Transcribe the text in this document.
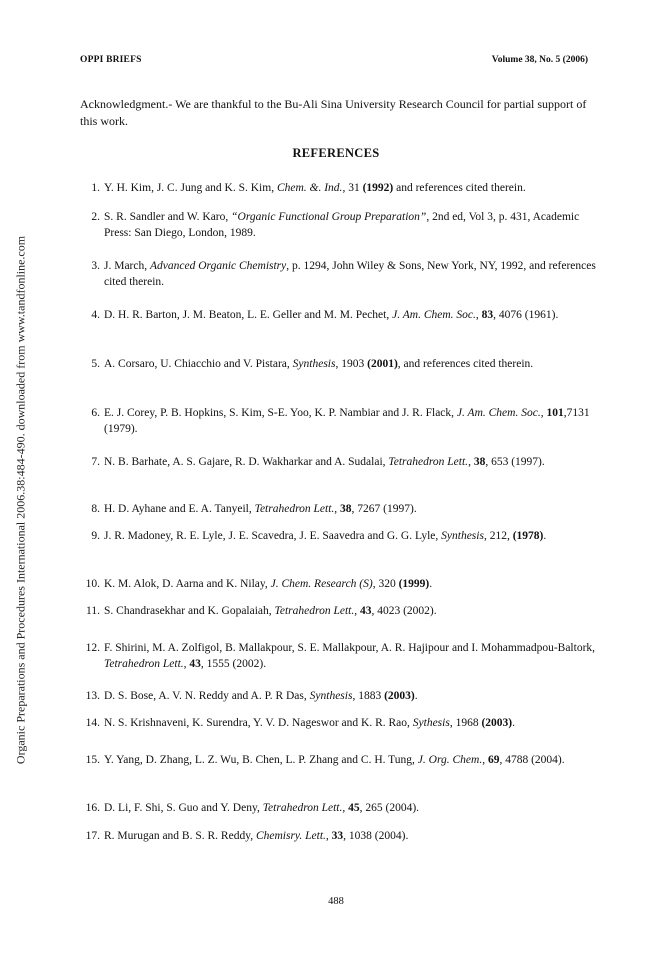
OPPI BRIEFS	Volume 38, No. 5 (2006)
Organic Preparations and Procedures International 2006.38:484-490. downloaded from www.tandfonline.com
Acknowledgment.- We are thankful to the Bu-Ali Sina University Research Council for partial support of this work.
REFERENCES
1. Y. H. Kim, J. C. Jung and K. S. Kim, Chem. &. Ind., 31 (1992) and references cited therein.
2. S. R. Sandler and W. Karo, “Organic Functional Group Preparation”, 2nd ed, Vol 3, p. 431, Academic Press: San Diego, London, 1989.
3. J. March, Advanced Organic Chemistry, p. 1294, John Wiley & Sons, New York, NY, 1992, and references cited therein.
4. D. H. R. Barton, J. M. Beaton, L. E. Geller and M. M. Pechet, J. Am. Chem. Soc., 83, 4076 (1961).
5. A. Corsaro, U. Chiacchio and V. Pistara, Synthesis, 1903 (2001), and references cited therein.
6. E. J. Corey, P. B. Hopkins, S. Kim, S-E. Yoo, K. P. Nambiar and J. R. Flack, J. Am. Chem. Soc., 101,7131 (1979).
7. N. B. Barhate, A. S. Gajare, R. D. Wakharkar and A. Sudalai, Tetrahedron Lett., 38, 653 (1997).
8. H. D. Ayhane and E. A. Tanyeil, Tetrahedron Lett., 38, 7267 (1997).
9. J. R. Madoney, R. E. Lyle, J. E. Scavedra, J. E. Saavedra and G. G. Lyle, Synthesis, 212, (1978).
10. K. M. Alok, D. Aarna and K. Nilay, J. Chem. Research (S), 320 (1999).
11. S. Chandrasekhar and K. Gopalaiah, Tetrahedron Lett., 43, 4023 (2002).
12. F. Shirini, M. A. Zolfigol, B. Mallakpour, S. E. Mallakpour, A. R. Hajipour and I. Mohammadpou-Baltork, Tetrahedron Lett., 43, 1555 (2002).
13. D. S. Bose, A. V. N. Reddy and A. P. R Das, Synthesis, 1883 (2003).
14. N. S. Krishnaveni, K. Surendra, Y. V. D. Nageswor and K. R. Rao, Sythesis, 1968 (2003).
15. Y. Yang, D. Zhang, L. Z. Wu, B. Chen, L. P. Zhang and C. H. Tung, J. Org. Chem., 69, 4788 (2004).
16. D. Li, F. Shi, S. Guo and Y. Deny, Tetrahedron Lett., 45, 265 (2004).
17. R. Murugan and B. S. R. Reddy, Chemisry. Lett., 33, 1038 (2004).
488
